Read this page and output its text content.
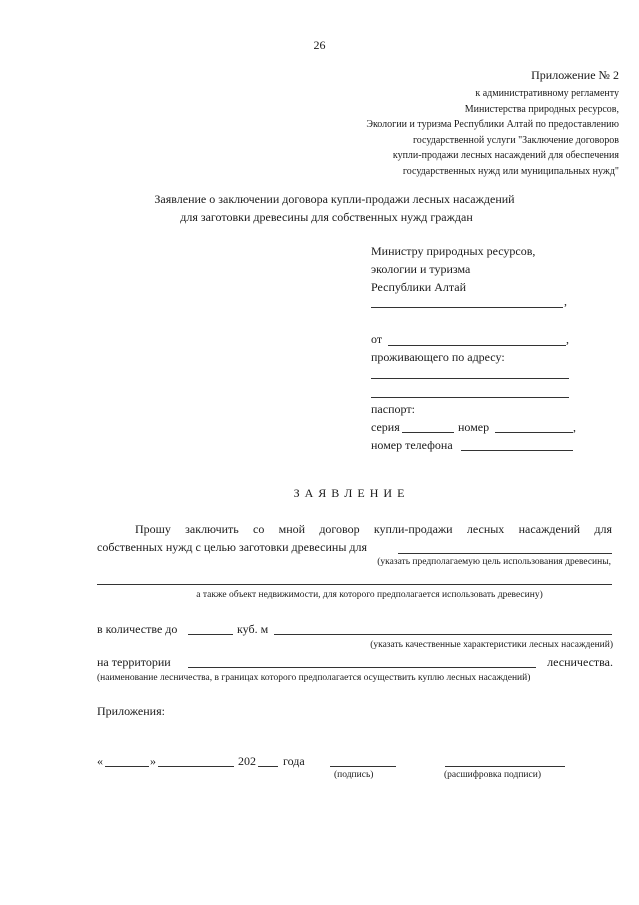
26
Приложение № 2
к административному регламенту
Министерства природных ресурсов,
Экологии и туризма Республики Алтай по предоставлению
государственной услуги "Заключение договоров
купли-продажи лесных насаждений для обеспечения
государственных нужд или муниципальных нужд"
Заявление о заключении договора купли-продажи лесных насаждений
для заготовки древесины для собственных нужд граждан
Министру природных ресурсов,
экологии и туризма
Республики Алтай
,
от	,
проживающего по адресу:
паспорт:
серия	номер	,
номер телефона
З А Я В Л Е Н И Е
Прошу заключить со мной договор купли-продажи лесных насаждений для
собственных нужд с целью заготовки древесины для
(указать предполагаемую цель использования древесины,
а также объект недвижимости, для которого предполагается использовать древесину)
в количестве до	куб. м
(указать качественные характеристики лесных насаждений)
на территории	лесничества.
(наименование лесничества, в границах которого предполагается осуществить куплю лесных насаждений)
Приложения:
«	»	202 года
(подпись)	(расшифровка подписи)
